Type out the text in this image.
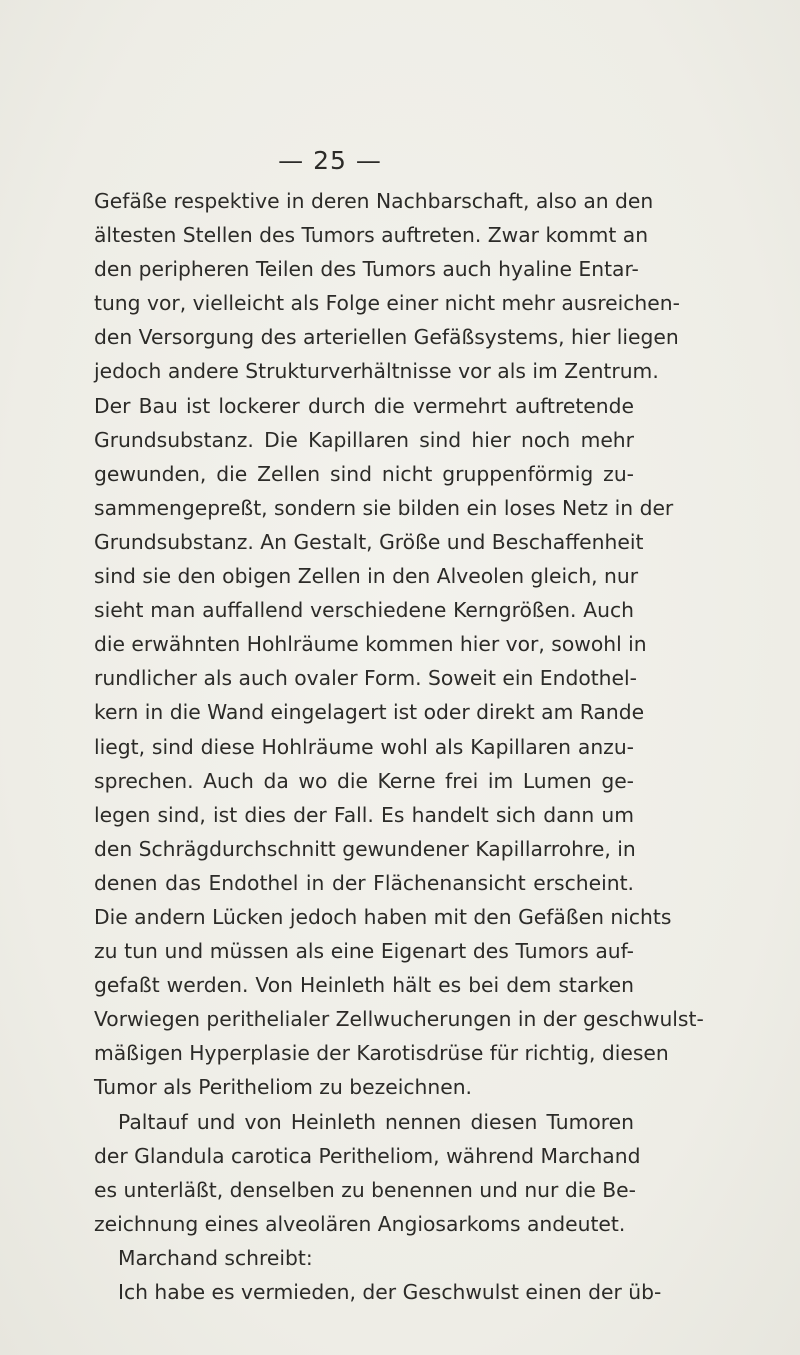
— 25 —
Gefäße respektive in deren Nachbarschaft, also an den
ältesten Stellen des Tumors auftreten. Zwar kommt an
den peripheren Teilen des Tumors auch hyaline Entar-
tung vor, vielleicht als Folge einer nicht mehr ausreichen-
den Versorgung des arteriellen Gefäßsystems, hier liegen
jedoch andere Strukturverhältnisse vor als im Zentrum.
Der Bau ist lockerer durch die vermehrt auftretende
Grundsubstanz. Die Kapillaren sind hier noch mehr
gewunden, die Zellen sind nicht gruppenförmig zu-
sammengepreßt, sondern sie bilden ein loses Netz in der
Grundsubstanz. An Gestalt, Größe und Beschaffenheit
sind sie den obigen Zellen in den Alveolen gleich, nur
sieht man auffallend verschiedene Kerngrößen. Auch
die erwähnten Hohlräume kommen hier vor, sowohl in
rundlicher als auch ovaler Form. Soweit ein Endothel-
kern in die Wand eingelagert ist oder direkt am Rande
liegt, sind diese Hohlräume wohl als Kapillaren anzu-
sprechen. Auch da wo die Kerne frei im Lumen ge-
legen sind, ist dies der Fall. Es handelt sich dann um
den Schrägdurchschnitt gewundener Kapillarrohre, in
denen das Endothel in der Flächenansicht erscheint.
Die andern Lücken jedoch haben mit den Gefäßen nichts
zu tun und müssen als eine Eigenart des Tumors auf-
gefaßt werden. Von Heinleth hält es bei dem starken
Vorwiegen perithelialer Zellwucherungen in der geschwulst-
mäßigen Hyperplasie der Karotisdrüse für richtig, diesen
Tumor als Peritheliom zu bezeichnen.
Paltauf und von Heinleth nennen diesen Tumoren
der Glandula carotica Peritheliom, während Marchand
es unterläßt, denselben zu benennen und nur die Be-
zeichnung eines alveolären Angiosarkoms andeutet.
Marchand schreibt:
Ich habe es vermieden, der Geschwulst einen der üb-
